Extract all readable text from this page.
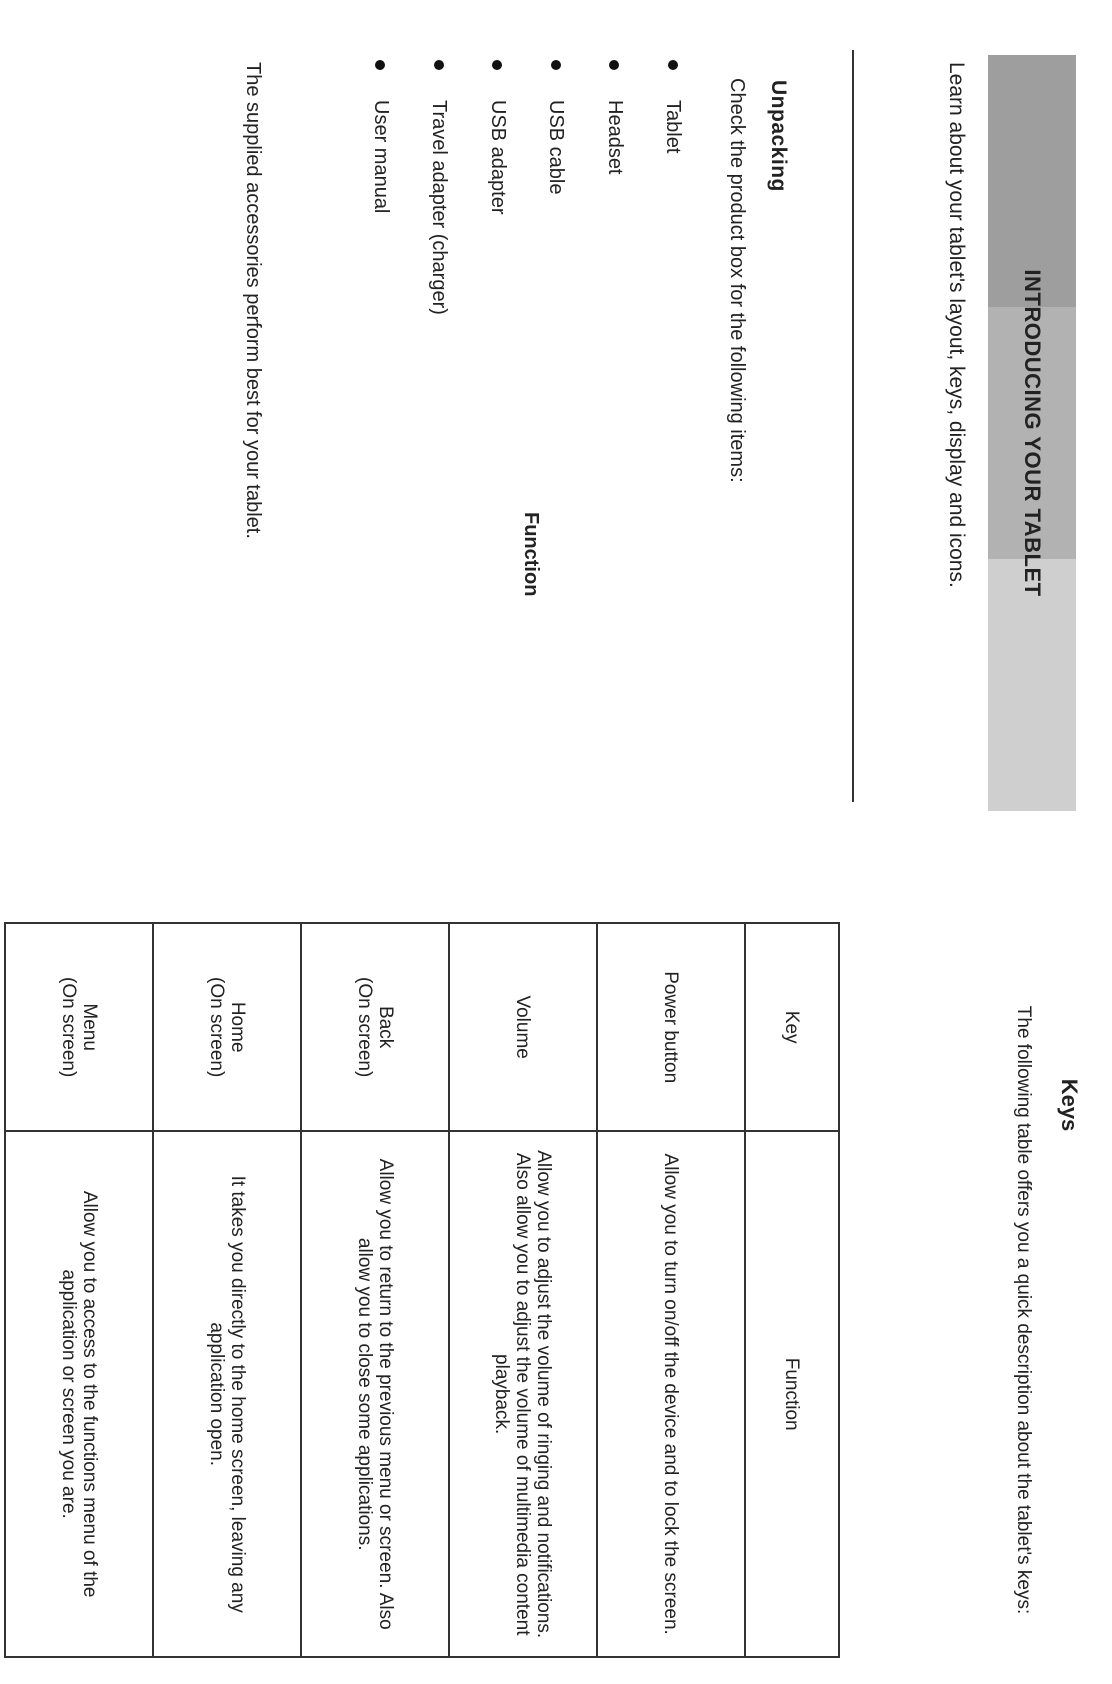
INTRODUCING YOUR TABLET
Learn about your tablet's layout, keys, display and icons.
Unpacking
Check the product box for the following items:
Tablet
Headset
USB cable
USB adapter
Travel adapter (charger)
User manual
Function
The supplied accessories perform best for your tablet.
Keys
The following table offers you a quick description about the tablet's keys:
Key	Function
Power button	Allow you to turn on/off the device and to lock the screen.
Volume	Allow you to adjust the volume of ringing and notifications. Also allow you to adjust the volume of multimedia content playback.
Back
(On screen)	Allow you to return to the previous menu or screen. Also allow you to close some applications.
Home
(On screen)	It takes you directly to the home screen, leaving any application open.
Menu
(On screen)	Allow you to access to the functions menu of the application or screen you are.
